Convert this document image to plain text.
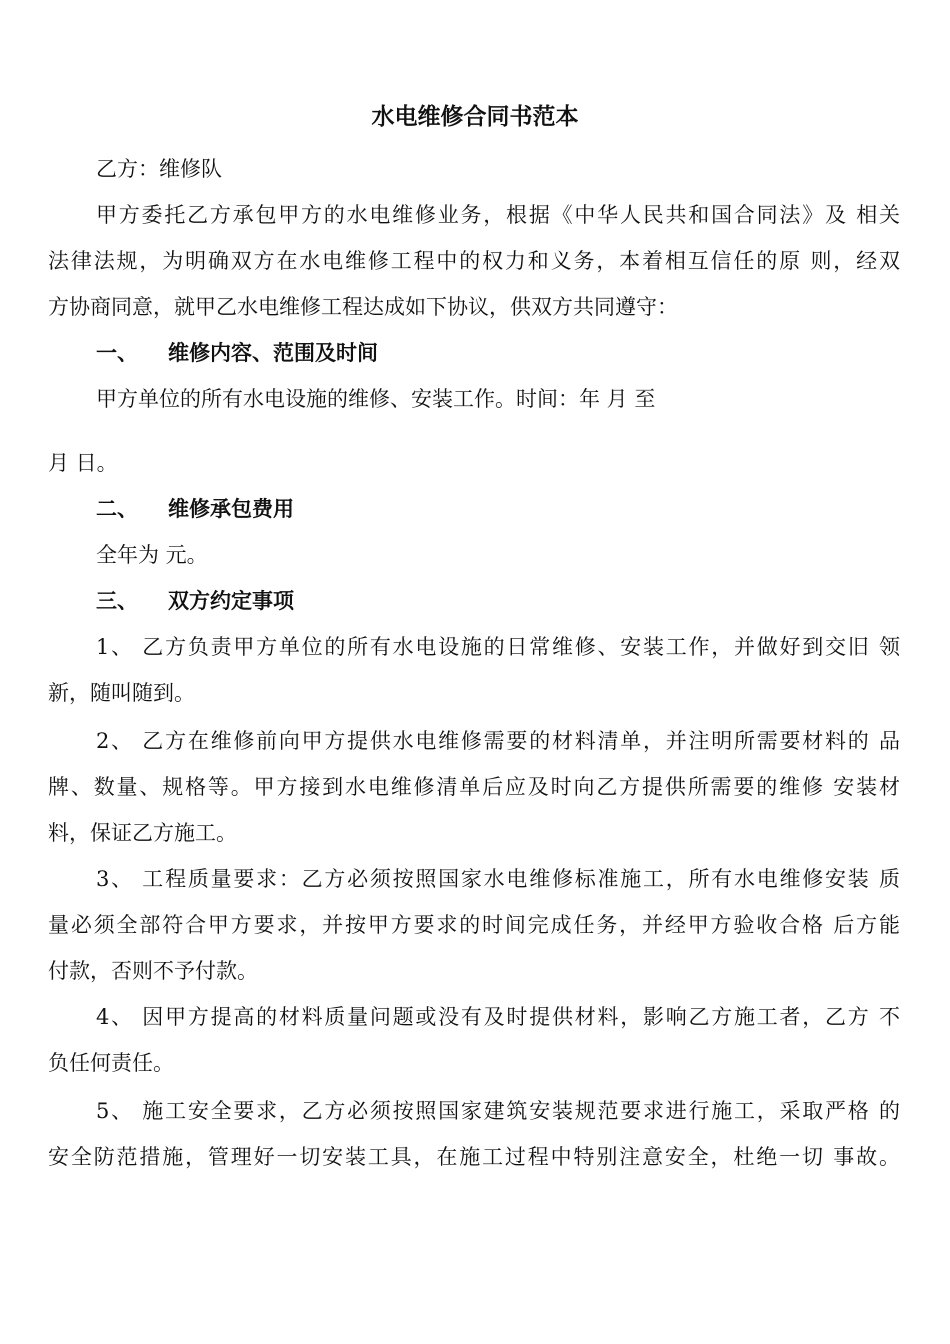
水电维修合同书范本
乙方：维修队
甲方委托乙方承包甲方的水电维修业务，根据《中华人民共和国合同法》及 相关
法律法规，为明确双方在水电维修工程中的权力和义务，本着相互信任的原 则，经双
方协商同意，就甲乙水电维修工程达成如下协议，供双方共同遵守：
一、 维修内容、范围及时间
甲方单位的所有水电设施的维修、安装工作。时间：年 月 至
月 日。
二、 维修承包费用
全年为 元。
三、 双方约定事项
1、 乙方负责甲方单位的所有水电设施的日常维修、安装工作，并做好到交旧 领
新，随叫随到。
2、 乙方在维修前向甲方提供水电维修需要的材料清单，并注明所需要材料的 品
牌、数量、规格等。甲方接到水电维修清单后应及时向乙方提供所需要的维修 安装材
料，保证乙方施工。
3、 工程质量要求：乙方必须按照国家水电维修标准施工，所有水电维修安装 质
量必须全部符合甲方要求，并按甲方要求的时间完成任务，并经甲方验收合格 后方能
付款，否则不予付款。
4、 因甲方提高的材料质量问题或没有及时提供材料，影响乙方施工者，乙方 不
负任何责任。
5、 施工安全要求，乙方必须按照国家建筑安装规范要求进行施工，采取严格 的
安全防范措施，管理好一切安装工具，在施工过程中特别注意安全，杜绝一切 事故。
